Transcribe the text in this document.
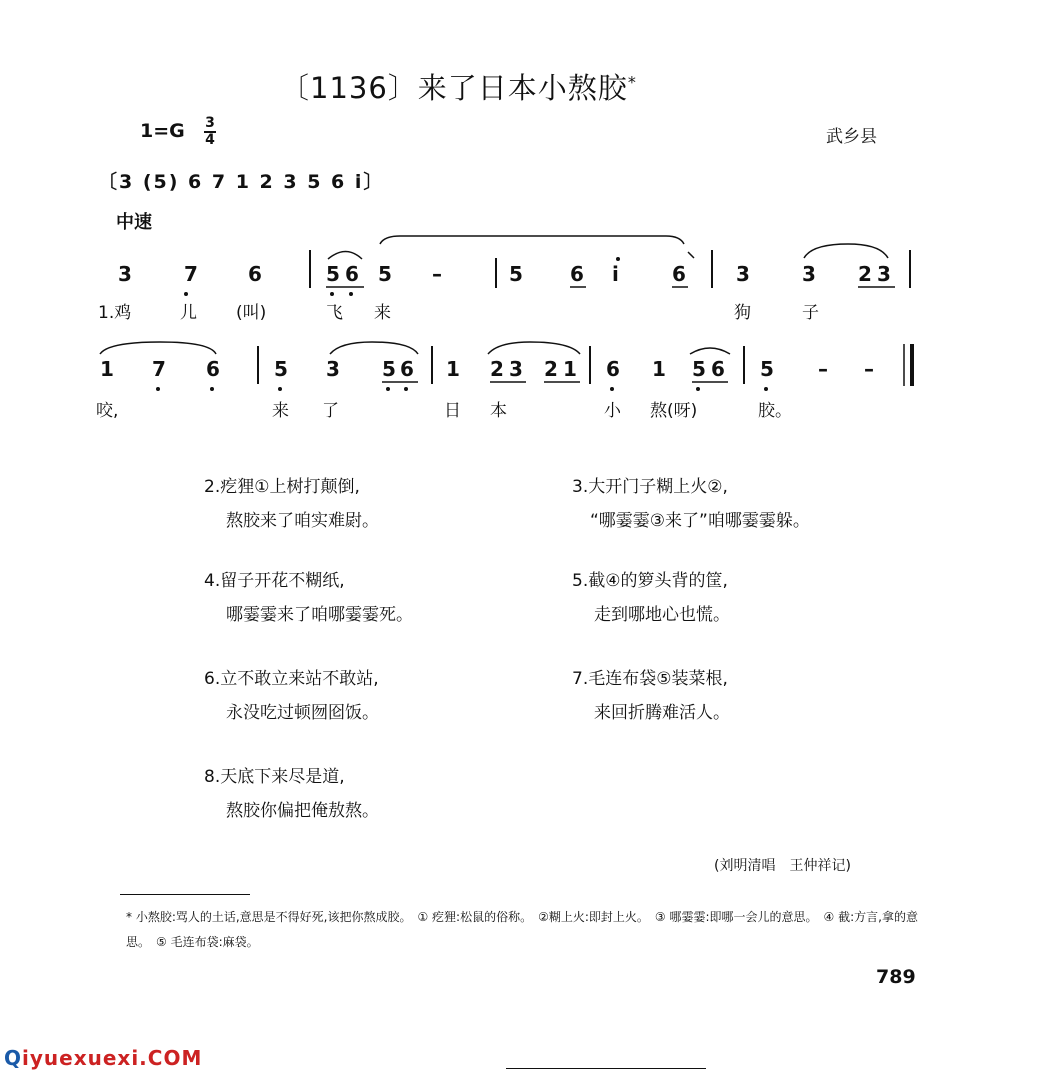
〔1136〕来了日本小熬胶*
1=G 3
4	武乡县
〔3 (5) 6 7 1 2 3 5 6 i〕
中速
3	7	6	5 6 5 –	5 6 i	6	3	3 2 3
1 7 6	5 3 5 6 1 2 3 2 1 6 1 5 6 5 – –
1.鸡	儿 (叫)	飞 来	狗	子
咬,	来 了	日 本	小 熬(呀)	胶。
2.疙狸①上树打颠倒,
熬胶来了咱实难㷉。
3.大开门子糊上火②,
“哪霎霎③来了”咱哪霎霎躲。
4.留子开花不糊纸,
哪霎霎来了咱哪霎霎死。
5.截④的箩头背的筐,
走到哪地心也慌。
6.立不敢立来站不敢站,
永没吃过顿囫囵饭。
7.毛连布袋⑤装菜根,
来回折腾难活人。
8.天底下来尽是道,
熬胶你偏把俺敖熬。
(刘明清唱　王仲祥记)
* 小熬胶:骂人的土话,意思是不得好死,该把你熬成胶。　① 疙狸:松鼠的俗称。　②糊上火:即封上火。　③ 哪霎霎:即哪一会儿的意思。　④ 截:方言,拿的意思。　⑤ 毛连布袋:麻袋。
789
Qiyuexuexi.COM
